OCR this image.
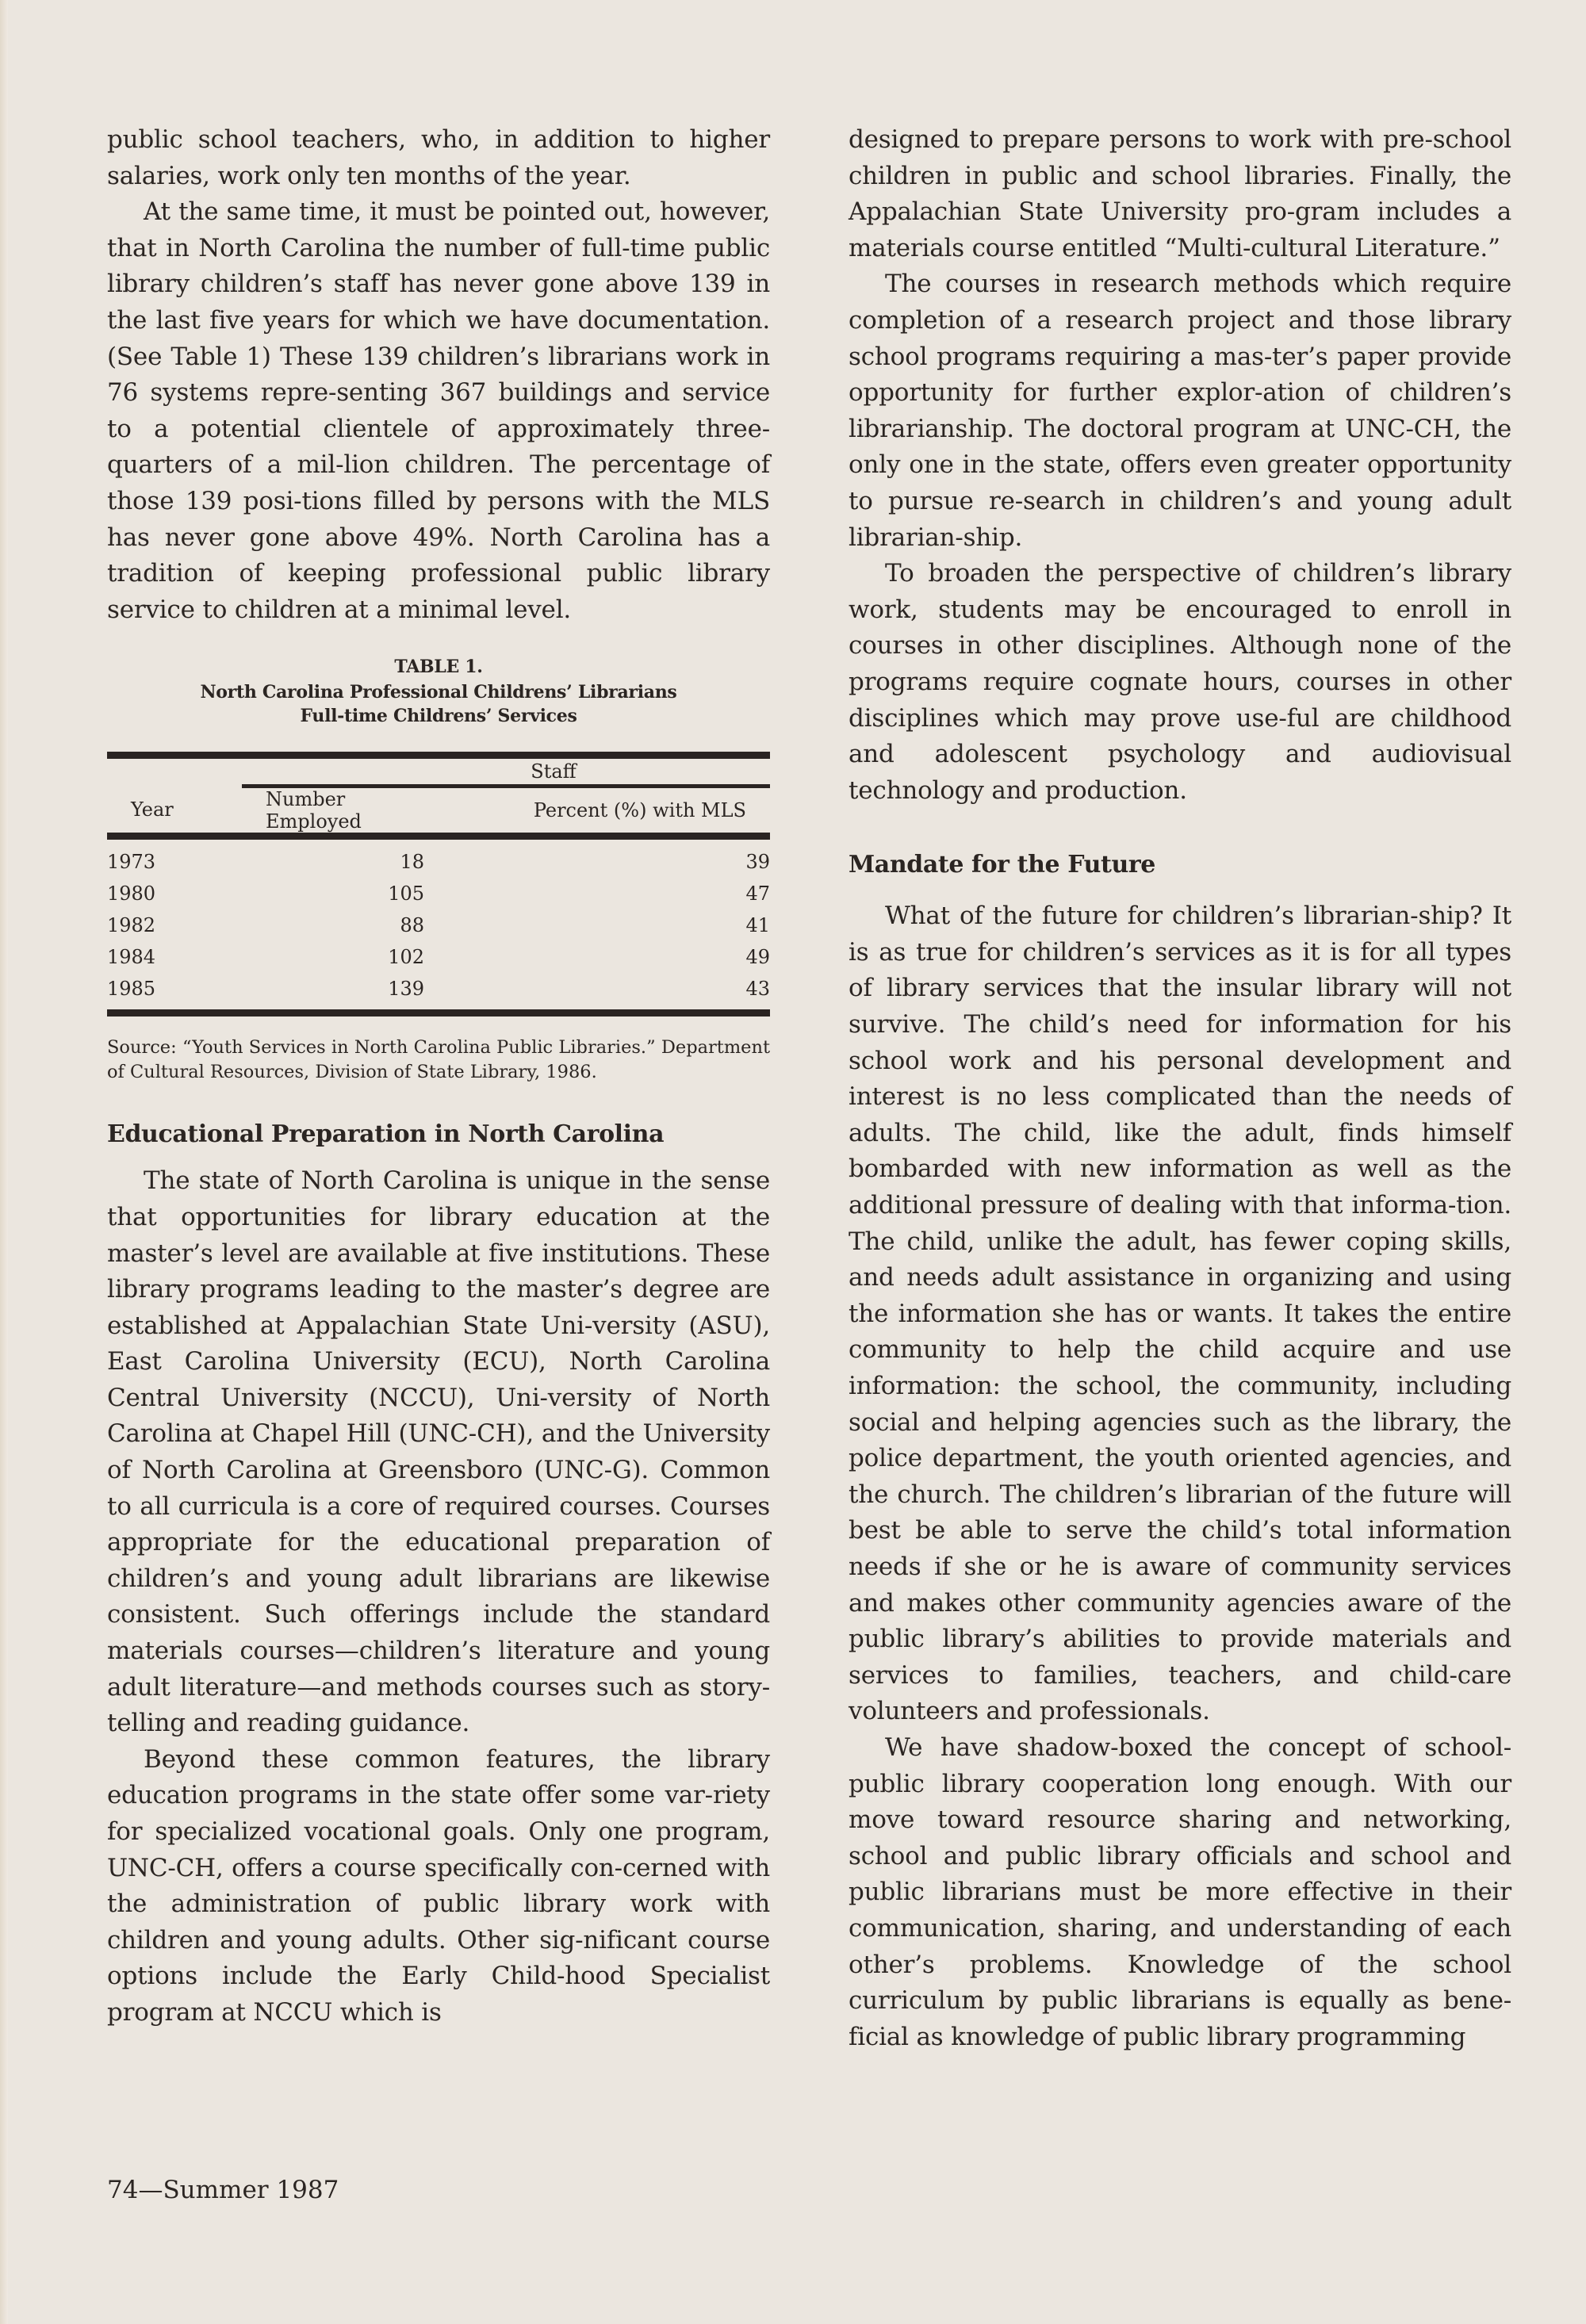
public school teachers, who, in addition to higher salaries, work only ten months of the year.

At the same time, it must be pointed out, however, that in North Carolina the number of full-time public library children’s staff has never gone above 139 in the last five years for which we have documentation. (See Table 1) These 139 children’s librarians work in 76 systems repre-senting 367 buildings and service to a potential clientele of approximately three-quarters of a mil-lion children. The percentage of those 139 posi-tions filled by persons with the MLS has never gone above 49%. North Carolina has a tradition of keeping professional public library service to children at a minimal level.

TABLE 1.
North Carolina Professional Childrens’ Librarians
Full-time Childrens’ Services
	Staff	
Year	Number Employed	Percent (%) with MLS
1973	18	39
1980	105	47
1982	88	41
1984	102	49
1985	139	43

Source: “Youth Services in North Carolina Public Libraries.” Department of Cultural Resources, Division of State Library, 1986.

Educational Preparation in North Carolina

The state of North Carolina is unique in the sense that opportunities for library education at the master’s level are available at five institutions. These library programs leading to the master’s degree are established at Appalachian State Uni-versity (ASU), East Carolina University (ECU), North Carolina Central University (NCCU), Uni-versity of North Carolina at Chapel Hill (UNC-CH), and the University of North Carolina at Greensboro (UNC-G). Common to all curricula is a core of required courses. Courses appropriate for the educational preparation of children’s and young adult librarians are likewise consistent. Such offerings include the standard materials courses—children’s literature and young adult literature—and methods courses such as story-telling and reading guidance.

Beyond these common features, the library education programs in the state offer some var-riety for specialized vocational goals. Only one program, UNC-CH, offers a course specifically con-cerned with the administration of public library work with children and young adults. Other sig-nificant course options include the Early Child-hood Specialist program at NCCU which is

designed to prepare persons to work with pre-school children in public and school libraries. Finally, the Appalachian State University pro-gram includes a materials course entitled “Multi-cultural Literature.”

The courses in research methods which require completion of a research project and those library school programs requiring a mas-ter’s paper provide opportunity for further explor-ation of children’s librarianship. The doctoral program at UNC-CH, the only one in the state, offers even greater opportunity to pursue re-search in children’s and young adult librarian-ship.

To broaden the perspective of children’s library work, students may be encouraged to enroll in courses in other disciplines. Although none of the programs require cognate hours, courses in other disciplines which may prove use-ful are childhood and adolescent psychology and audiovisual technology and production.

Mandate for the Future

What of the future for children’s librarian-ship? It is as true for children’s services as it is for all types of library services that the insular library will not survive. The child’s need for information for his school work and his personal development and interest is no less complicated than the needs of adults. The child, like the adult, finds himself bombarded with new information as well as the additional pressure of dealing with that informa-tion. The child, unlike the adult, has fewer coping skills, and needs adult assistance in organizing and using the information she has or wants. It takes the entire community to help the child acquire and use information: the school, the community, including social and helping agencies such as the library, the police department, the youth oriented agencies, and the church. The children’s librarian of the future will best be able to serve the child’s total information needs if she or he is aware of community services and makes other community agencies aware of the public library’s abilities to provide materials and services to families, teachers, and child-care volunteers and professionals.

We have shadow-boxed the concept of school-public library cooperation long enough. With our move toward resource sharing and networking, school and public library officials and school and public librarians must be more effective in their communication, sharing, and understanding of each other’s problems. Knowledge of the school curriculum by public librarians is equally as bene-ficial as knowledge of public library programming

74—Summer 1987
